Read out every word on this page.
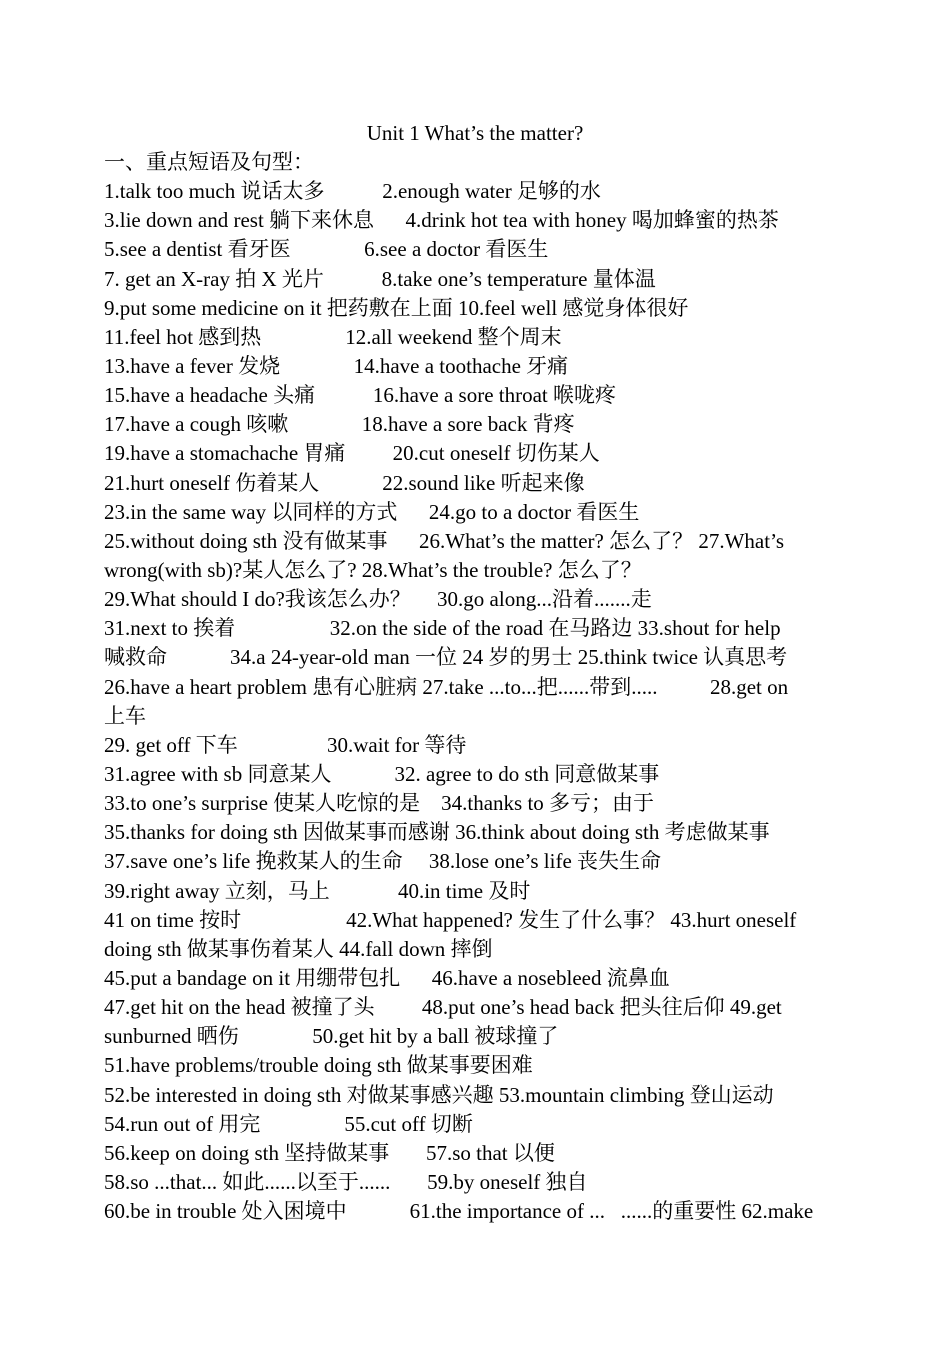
Unit 1 What’s the matter?
一、重点短语及句型：
1.talk too much 说话太多           2.enough water 足够的水
3.lie down and rest 躺下来休息      4.drink hot tea with honey 喝加蜂蜜的热茶
5.see a dentist 看牙医              6.see a doctor 看医生
7. get an X-ray 拍 X 光片           8.take one’s temperature 量体温
9.put some medicine on it 把药敷在上面 10.feel well 感觉身体很好
11.feel hot 感到热                12.all weekend 整个周末
13.have a fever 发烧              14.have a toothache 牙痛
15.have a headache 头痛           16.have a sore throat 喉咙疼
17.have a cough 咳嗽              18.have a sore back 背疼
19.have a stomachache 胃痛         20.cut oneself 切伤某人
21.hurt oneself 伤着某人            22.sound like 听起来像
23.in the same way 以同样的方式      24.go to a doctor 看医生
25.without doing sth 没有做某事      26.What’s the matter? 怎么了？ 27.What’s
wrong(with sb)?某人怎么了? 28.What’s the trouble? 怎么了？
29.What should I do?我该怎么办？     30.go along...沿着.......走
31.next to 挨着                  32.on the side of the road 在马路边 33.shout for help
喊救命            34.a 24-year-old man 一位 24 岁的男士 25.think twice 认真思考
26.have a heart problem 患有心脏病 27.take ...to...把......带到.....          28.get on
上车
29. get off 下车                 30.wait for 等待
31.agree with sb 同意某人            32. agree to do sth 同意做某事
33.to one’s surprise 使某人吃惊的是    34.thanks to 多亏；由于
35.thanks for doing sth 因做某事而感谢 36.think about doing sth 考虑做某事
37.save one’s life 挽救某人的生命     38.lose one’s life 丧失生命
39.right away 立刻，马上             40.in time 及时
41 on time 按时                    42.What happened? 发生了什么事？ 43.hurt oneself
doing sth 做某事伤着某人 44.fall down 摔倒
45.put a bandage on it 用绷带包扎      46.have a nosebleed 流鼻血
47.get hit on the head 被撞了头         48.put one’s head back 把头往后仰 49.get
sunburned 晒伤              50.get hit by a ball 被球撞了
51.have problems/trouble doing sth 做某事要困难
52.be interested in doing sth 对做某事感兴趣 53.mountain climbing 登山运动
54.run out of 用完                55.cut off 切断
56.keep on doing sth 坚持做某事       57.so that 以便
58.so ...that... 如此......以至于......       59.by oneself 独自
60.be in trouble 处入困境中            61.the importance of ...   ......的重要性 62.make
